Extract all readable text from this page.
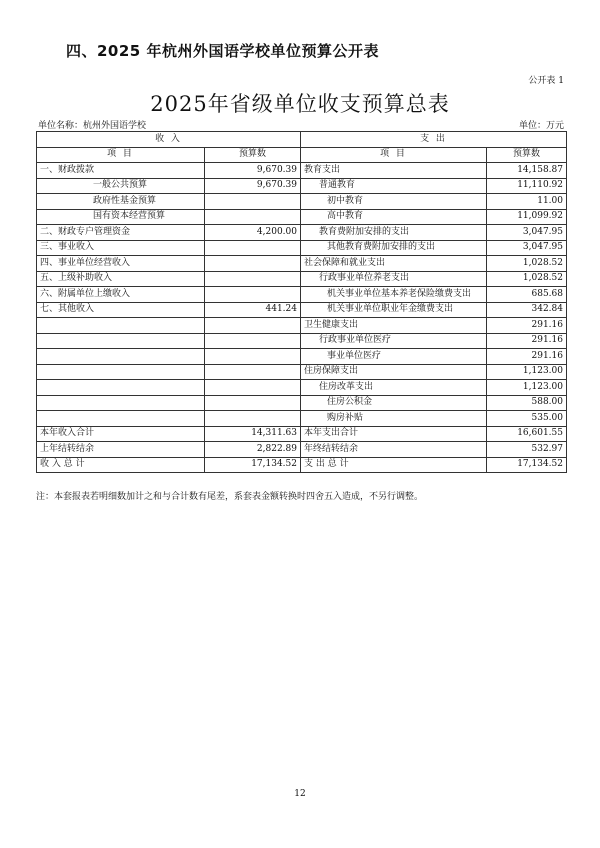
四、2025 年杭州外国语学校单位预算公开表
公开表 1
2025年省级单位收支预算总表
单位名称：杭州外国语学校	单位：万元
收 入		支 出	
项 目	预算数	项 目	预算数
一、财政拨款	9,670.39	教育支出	14,158.87
一般公共预算	9,670.39	普通教育	11,110.92
政府性基金预算		初中教育	11.00
国有资本经营预算		高中教育	11,099.92
二、财政专户管理资金	4,200.00	教育费附加安排的支出	3,047.95
三、事业收入		其他教育费附加安排的支出	3,047.95
四、事业单位经营收入		社会保障和就业支出	1,028.52
五、上级补助收入		行政事业单位养老支出	1,028.52
六、附属单位上缴收入		机关事业单位基本养老保险缴费支出	685.68
七、其他收入	441.24	机关事业单位职业年金缴费支出	342.84
		卫生健康支出	291.16
		行政事业单位医疗	291.16
		事业单位医疗	291.16
		住房保障支出	1,123.00
		住房改革支出	1,123.00
		住房公积金	588.00
		购房补贴	535.00
本年收入合计	14,311.63	本年支出合计	16,601.55
上年结转结余	2,822.89	年终结转结余	532.97
收 入 总 计	17,134.52	支 出 总 计	17,134.52
注：本套报表若明细数加计之和与合计数有尾差，系套表金额转换时四舍五入造成，不另行调整。
12
